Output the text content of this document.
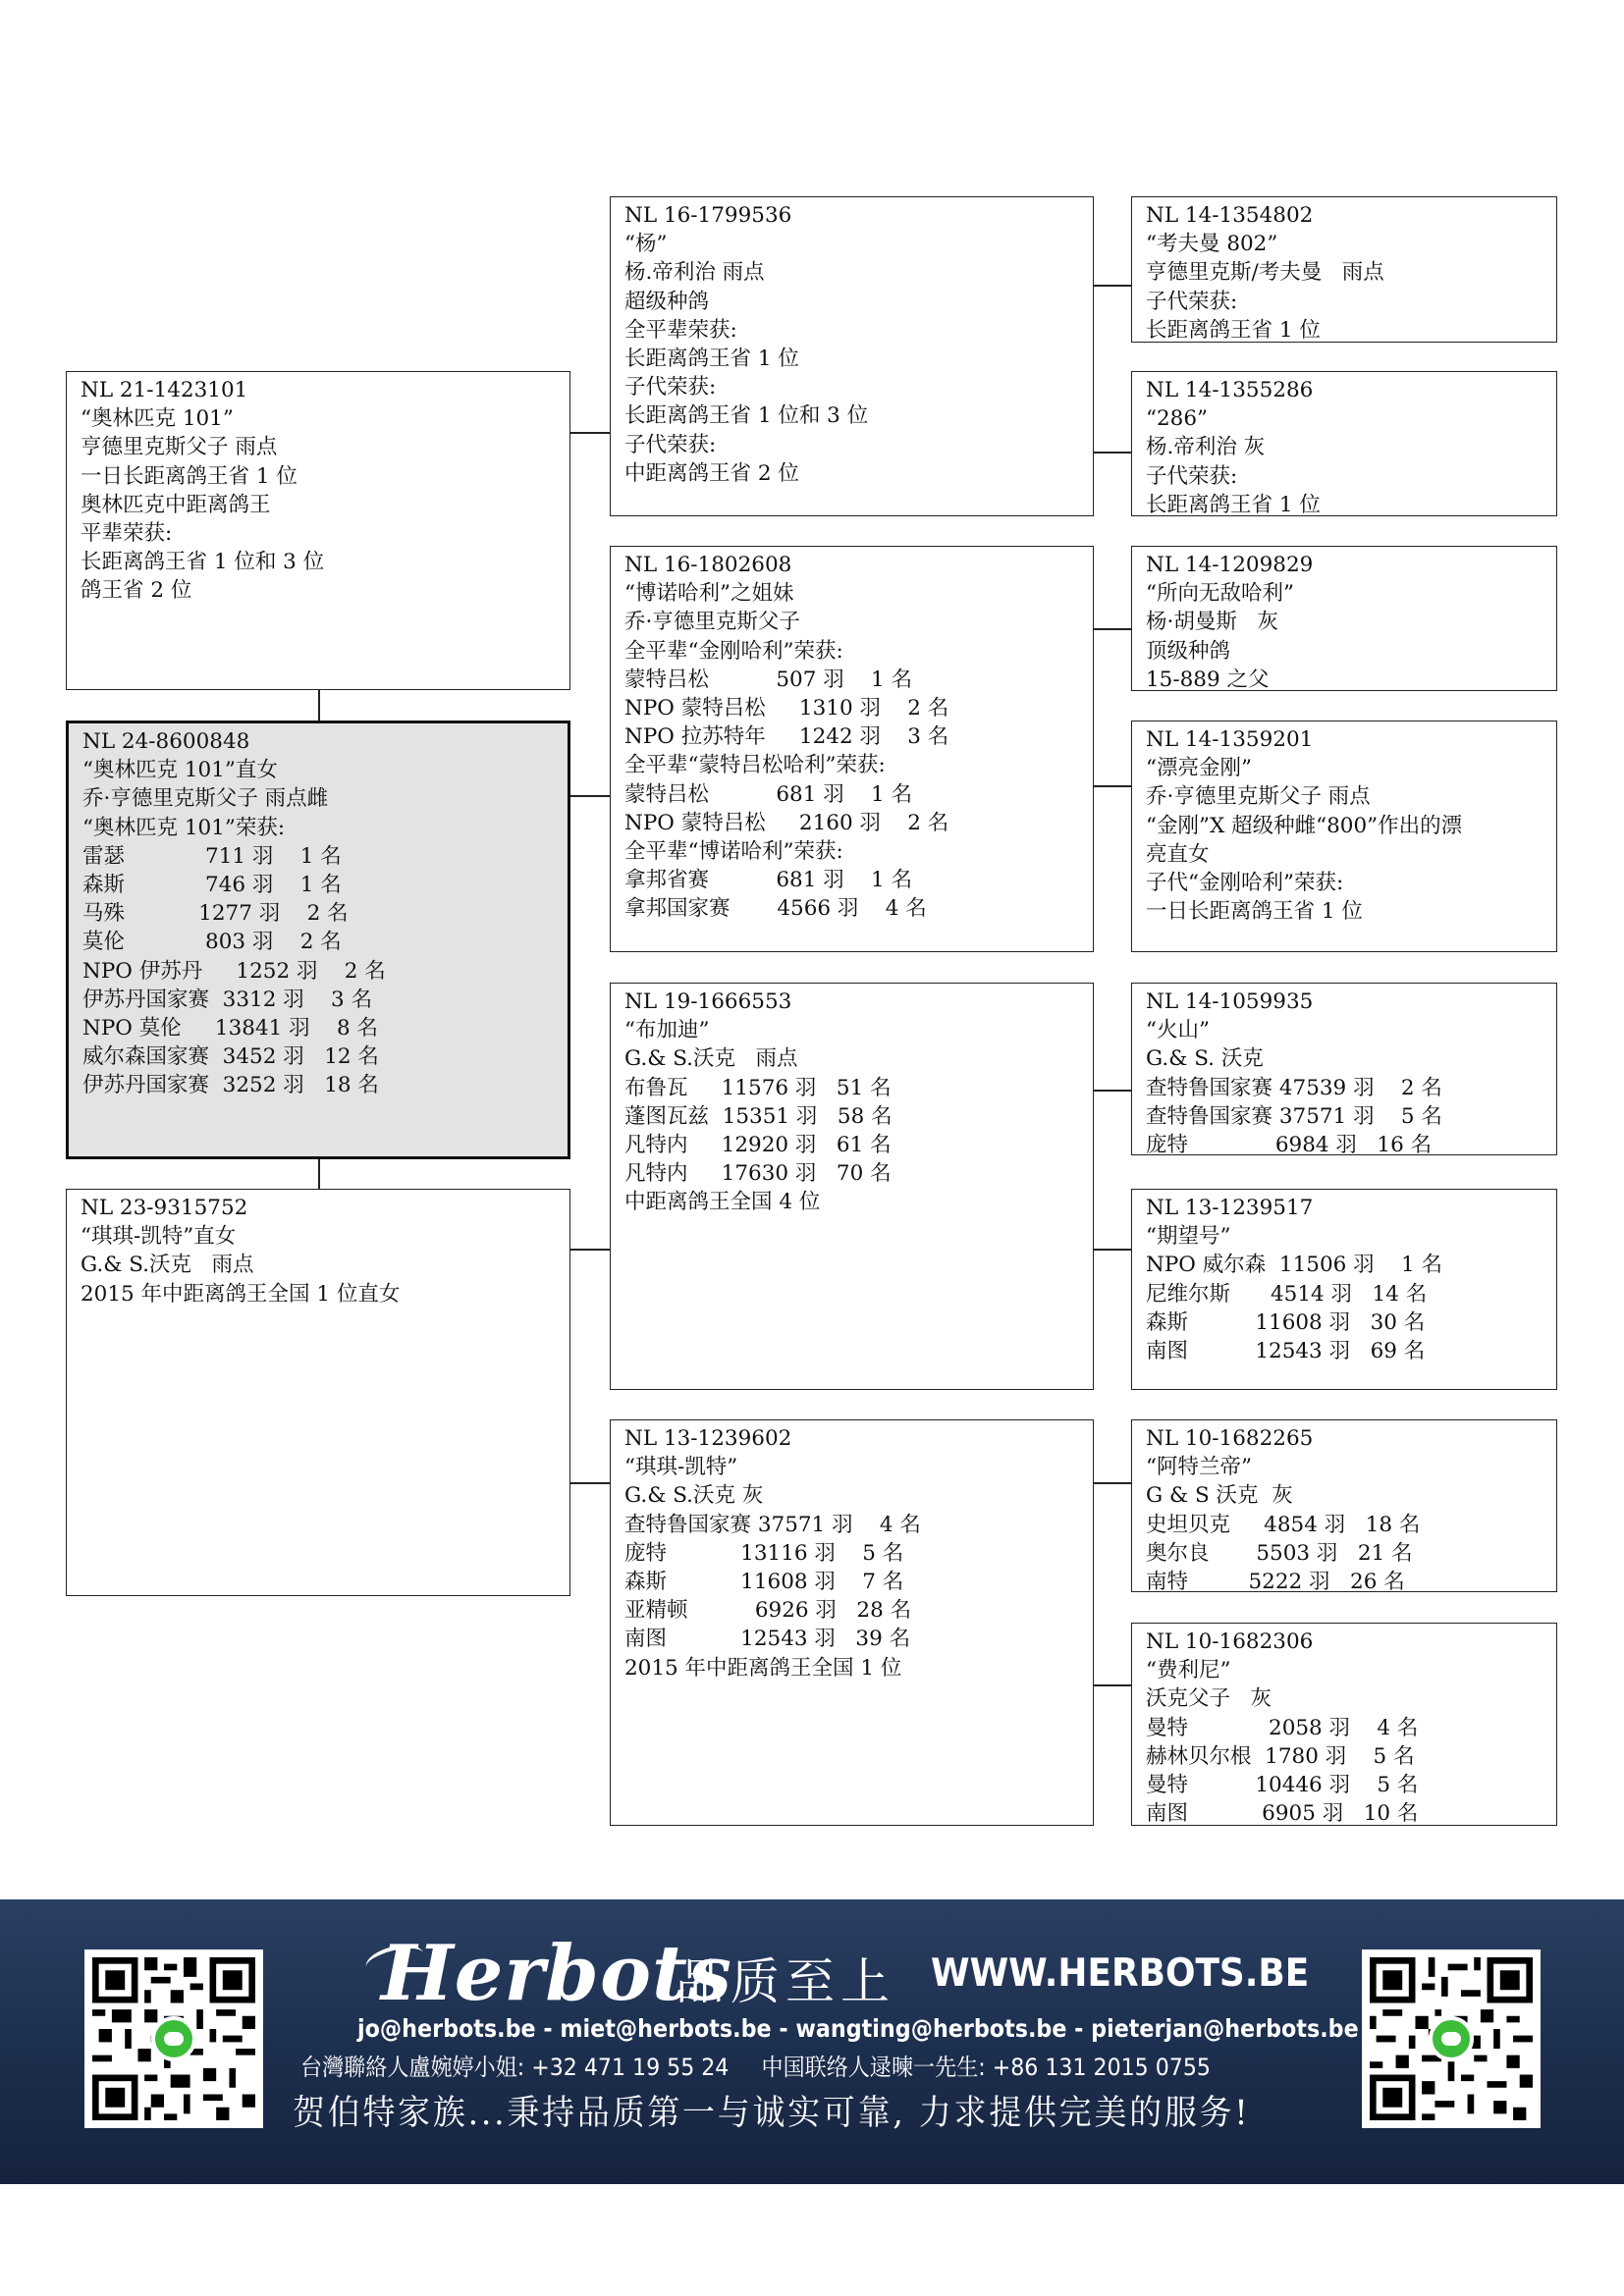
NL 16-1799536
“杨”
杨.帝利治 雨点
超级种鸽
全平辈荣获:
长距离鸽王省 1 位
子代荣获:
长距离鸽王省 1 位和 3 位
子代荣获:
中距离鸽王省 2 位
NL 14-1354802
“考夫曼 802”
亨德里克斯/考夫曼   雨点
子代荣获:
长距离鸽王省 1 位
NL 14-1355286
“286”
杨.帝利治 灰
子代荣获:
长距离鸽王省 1 位
NL 21-1423101
“奥林匹克 101”
亨德里克斯父子 雨点
一日长距离鸽王省 1 位
奥林匹克中距离鸽王
平辈荣获:
长距离鸽王省 1 位和 3 位
鸽王省 2 位
NL 16-1802608
“博诺哈利”之姐妹
乔·亨德里克斯父子
全平辈“金刚哈利”荣获:
蒙特吕松          507 羽    1 名
NPO 蒙特吕松     1310 羽    2 名
NPO 拉苏特年     1242 羽    3 名
全平辈“蒙特吕松哈利”荣获:
蒙特吕松          681 羽    1 名
NPO 蒙特吕松     2160 羽    2 名
全平辈“博诺哈利”荣获:
拿邦省赛          681 羽    1 名
拿邦国家赛       4566 羽    4 名
NL 14-1209829
“所向无敌哈利”
杨·胡曼斯   灰
顶级种鸽
15-889 之父
NL 14-1359201
“漂亮金刚”
乔·亨德里克斯父子 雨点
“金刚”X 超级种雌“800”作出的漂
亮直女
子代“金刚哈利”荣获:
一日长距离鸽王省 1 位
NL 24-8600848
“奥林匹克 101”直女
乔·亨德里克斯父子 雨点雌
“奥林匹克 101”荣获:
雷瑟            711 羽    1 名
森斯            746 羽    1 名
马殊           1277 羽    2 名
莫伦            803 羽    2 名
NPO 伊苏丹     1252 羽    2 名
伊苏丹国家赛  3312 羽    3 名
NPO 莫伦     13841 羽    8 名
威尔森国家赛  3452 羽   12 名
伊苏丹国家赛  3252 羽   18 名
NL 19-1666553
“布加迪”
G.& S.沃克   雨点
布鲁瓦     11576 羽   51 名
蓬图瓦兹  15351 羽   58 名
凡特内     12920 羽   61 名
凡特内     17630 羽   70 名
中距离鸽王全国 4 位
NL 14-1059935
“火山”
G.& S. 沃克
查特鲁国家赛 47539 羽    2 名
查特鲁国家赛 37571 羽    5 名
庞特             6984 羽   16 名
NL 13-1239517
“期望号”
NPO 威尔森  11506 羽    1 名
尼维尔斯      4514 羽   14 名
森斯          11608 羽   30 名
南图          12543 羽   69 名
NL 23-9315752
“琪琪-凯特”直女
G.& S.沃克   雨点
2015 年中距离鸽王全国 1 位直女
NL 13-1239602
“琪琪-凯特”
G.& S.沃克 灰
查特鲁国家赛 37571 羽    4 名
庞特           13116 羽    5 名
森斯           11608 羽    7 名
亚精顿          6926 羽   28 名
南图           12543 羽   39 名
2015 年中距离鸽王全国 1 位
NL 10-1682265
“阿特兰帝”
G & S 沃克  灰
史坦贝克     4854 羽   18 名
奥尔良       5503 羽   21 名
南特         5222 羽   26 名
NL 10-1682306
“费利尼”
沃克父子   灰
曼特            2058 羽    4 名
赫林贝尔根  1780 羽    5 名
曼特          10446 羽    5 名
南图           6905 羽   10 名
Herbots
品质至上 WWW.HERBOTS.BE
jo@herbots.be - miet@herbots.be - wangting@herbots.be - pieterjan@herbots.be
台灣聯絡人盧婉婷小姐: +32 471 19 55 24 中国联络人逯暕一先生: +86 131 2015 0755
贺伯特家族...秉持品质第一与诚实可靠, 力求提供完美的服务!
